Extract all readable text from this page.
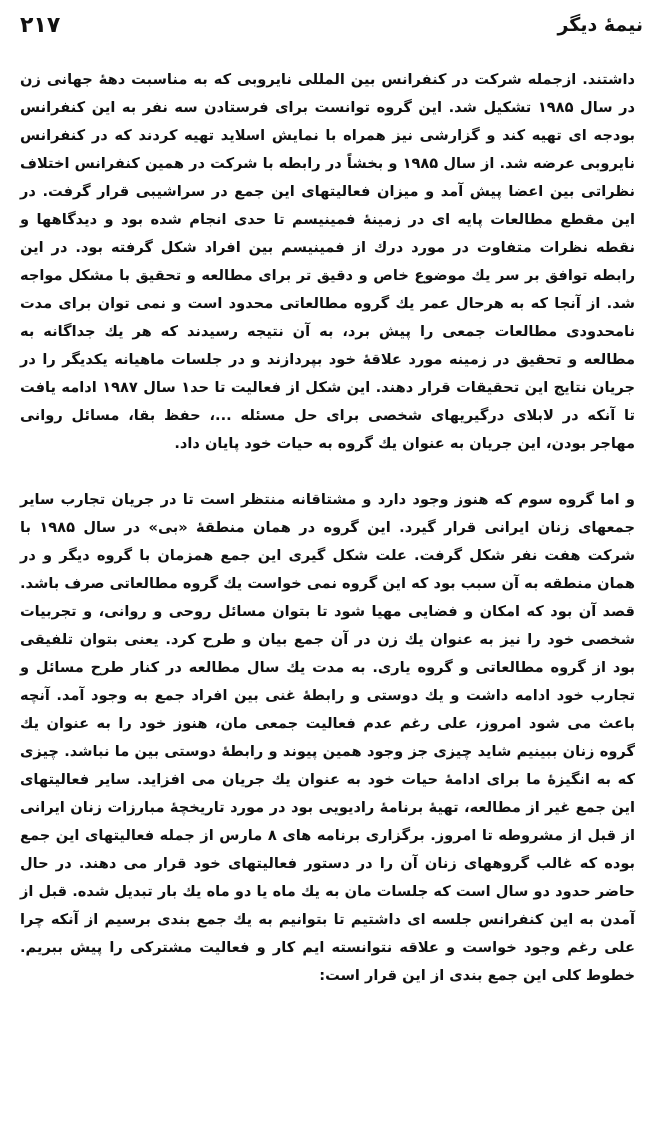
۲۱۷	نیمهٔ دیگر

داشتند. ازجمله شرکت در کنفرانس بین المللی نایروبی که به مناسبت دههٔ جهانی زن در سال ۱۹۸۵ تشکیل شد. این گروه توانست برای فرستادن سه نفر به این کنفرانس بودجه ای تهیه کند و گزارشی نیز همراه با نمایش اسلاید تهیه کردند که در کنفرانس نایروبی عرضه شد. از سال ۱۹۸۵ و بخشاً در رابطه با شرکت در همین کنفرانس اختلاف نظراتی بین اعضا پیش آمد و میزان فعالیتهای این جمع در سراشیبی قرار گرفت. در این مقطع مطالعات پایه ای در زمینهٔ فمینیسم تا حدی انجام شده بود و دیدگاهها و نقطه نظرات متفاوت در مورد درك از فمینیسم بین افراد شکل گرفته بود. در این رابطه توافق بر سر یك موضوع خاص و دقیق تر برای مطالعه و تحقیق با مشکل مواجه شد. از آنجا که به هرحال عمر یك گروه مطالعاتی محدود است و نمی توان برای مدت نامحدودی مطالعات جمعی را پیش برد، به آن نتیجه رسیدند که هر یك جداگانه به مطالعه و تحقیق در زمینه مورد علاقهٔ خود بپردازند و در جلسات ماهیانه یکدیگر را در جریان نتایج این تحقیقات قرار دهند. این شکل از فعالیت تا حد۱ سال ۱۹۸۷ ادامه یافت تا آنکه در لابلای درگیریهای شخصی برای حل مسئله ...، حفظ بقا، مسائل روانی مهاجر بودن، این جریان به عنوان یك گروه به حیات خود پایان داد.

و اما گروه سوم که هنوز وجود دارد و مشتاقانه منتظر است تا در جریان تجارب سایر جمعهای زنان ایرانی قرار گیرد. این گروه در همان منطقهٔ «بی» در سال ۱۹۸۵ با شرکت هفت نفر شکل گرفت. علت شکل گیری این جمع همزمان با گروه دیگر و در همان منطقه به آن سبب بود که این گروه نمی خواست یك گروه مطالعاتی صرف باشد. قصد آن بود که امکان و فضایی مهیا شود تا بتوان مسائل روحی و روانی، و تجربیات شخصی خود را نیز به عنوان یك زن در آن جمع بیان و طرح کرد. یعنی بتوان تلفیقی بود از گروه مطالعاتی و گروه یاری. به مدت یك سال مطالعه در کنار طرح مسائل و تجارب خود ادامه داشت و یك دوستی و رابطهٔ غنی بین افراد جمع به وجود آمد. آنچه باعث می شود امروز، علی رغم عدم فعالیت جمعی مان، هنوز خود را به عنوان یك گروه زنان ببینیم شاید چیزی جز وجود همین پیوند و رابطهٔ دوستی بین ما نباشد. چیزی که به انگیزهٔ ما برای ادامهٔ حیات خود به عنوان یك جریان می افزاید. سایر فعالیتهای این جمع غیر از مطالعه، تهیهٔ برنامهٔ رادیویی بود در مورد تاریخچهٔ مبارزات زنان ایرانی از قبل از مشروطه تا امروز. برگزاری برنامه های ۸ مارس از جمله فعالیتهای این جمع بوده که غالب گروههای زنان آن را در دستور فعالیتهای خود قرار می دهند. در حال حاضر حدود دو سال است که جلسات مان به یك ماه یا دو ماه یك بار تبدیل شده. قبل از آمدن به این کنفرانس جلسه ای داشتیم تا بتوانیم به یك جمع بندی برسیم از آنکه چرا علی رغم وجود خواست و علاقه نتوانسته ایم کار و فعالیت مشترکی را پیش ببریم. خطوط کلی این جمع بندی از این قرار است:
